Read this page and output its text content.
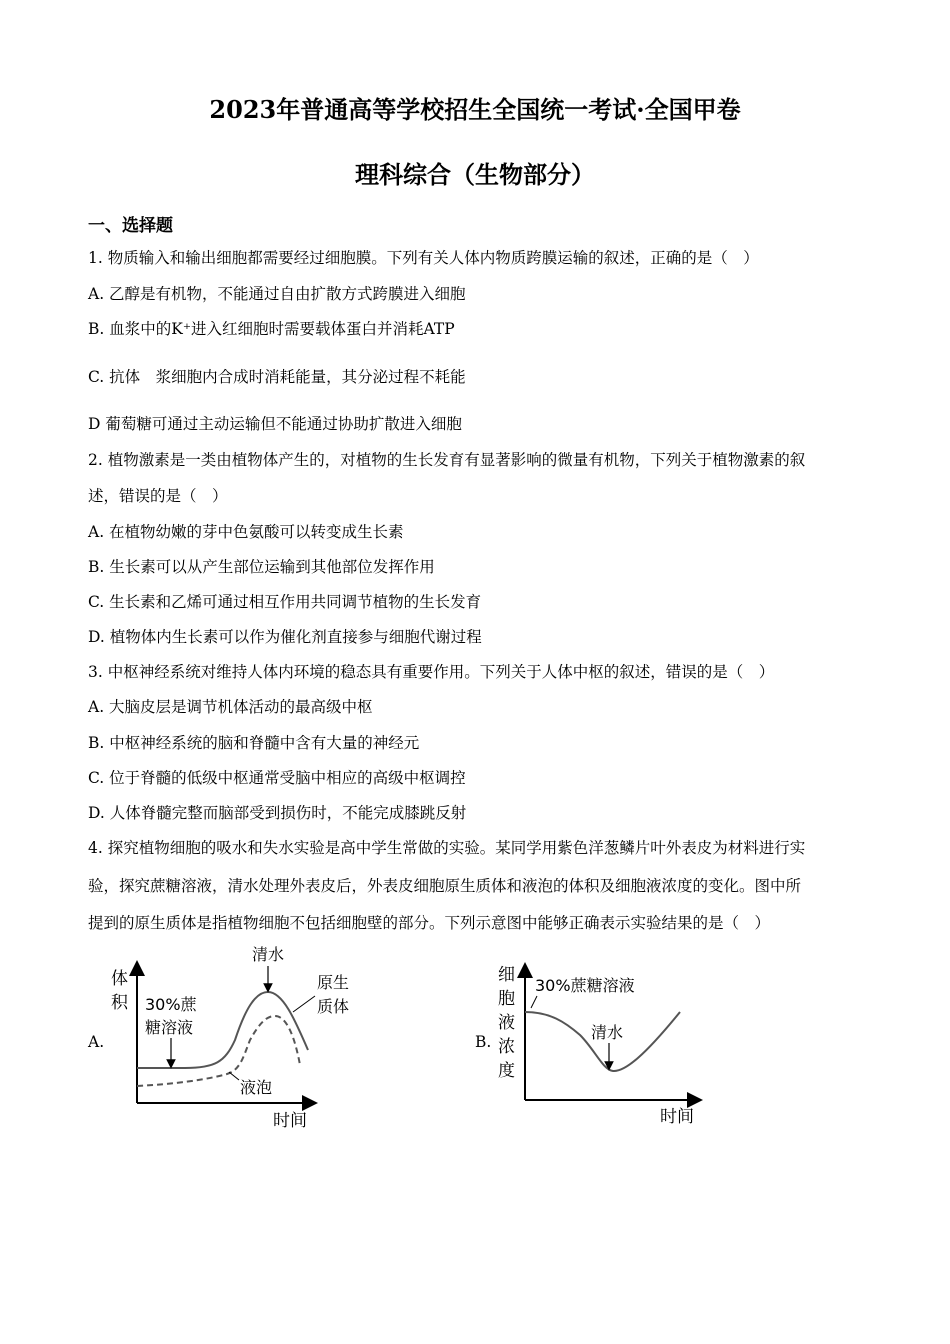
2023年普通高等学校招生全国统一考试·全国甲卷
理科综合（生物部分）
一、选择题
1. 物质输入和输出细胞都需要经过细胞膜。下列有关人体内物质跨膜运输的叙述，正确的是（　）
A. 乙醇是有机物，不能通过自由扩散方式跨膜进入细胞
B. 血浆中的K⁺进入红细胞时需要载体蛋白并消耗ATP
C. 抗体　浆细胞内合成时消耗能量，其分泌过程不耗能
D 葡萄糖可通过主动运输但不能通过协助扩散进入细胞
2. 植物激素是一类由植物体产生的，对植物的生长发育有显著影响的微量有机物，下列关于植物激素的叙
述，错误的是（　）
A. 在植物幼嫩的芽中色氨酸可以转变成生长素
B. 生长素可以从产生部位运输到其他部位发挥作用
C. 生长素和乙烯可通过相互作用共同调节植物的生长发育
D. 植物体内生长素可以作为催化剂直接参与细胞代谢过程
3. 中枢神经系统对维持人体内环境的稳态具有重要作用。下列关于人体中枢的叙述，错误的是（　）
A. 大脑皮层是调节机体活动的最高级中枢
B. 中枢神经系统的脑和脊髓中含有大量的神经元
C. 位于脊髓的低级中枢通常受脑中相应的高级中枢调控
D. 人体脊髓完整而脑部受到损伤时，不能完成膝跳反射
4. 探究植物细胞的吸水和失水实验是高中学生常做的实验。某同学用紫色洋葱鳞片叶外表皮为材料进行实
验，探究蔗糖溶液，清水处理外表皮后，外表皮细胞原生质体和液泡的体积及细胞液浓度的变化。图中所
提到的原生质体是指植物细胞不包括细胞壁的部分。下列示意图中能够正确表示实验结果的是（　）
A.
体
积
时间
30%蔗
糖溶液
清水
原生
质体
液泡
B.
细
胞
液
浓
度
时间
30%蔗糖溶液
清水
